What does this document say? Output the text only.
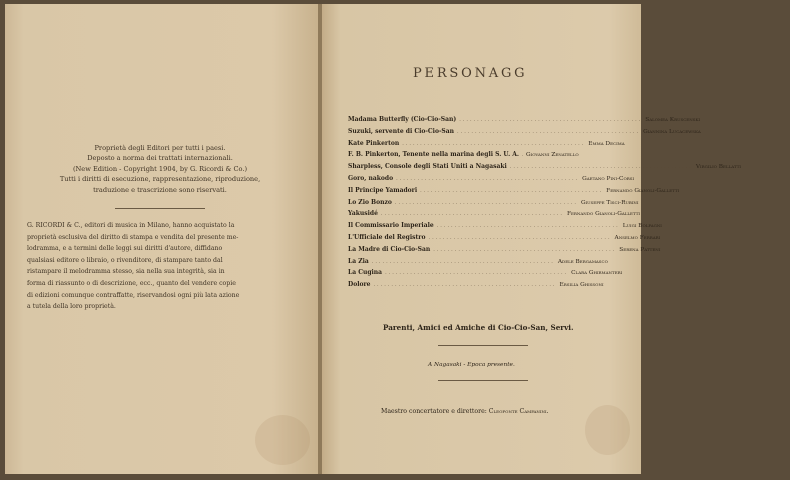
Proprietà degli Editori per tutti i paesi.
Deposto a norma dei trattati internazionali.
(New Edition - Copyright 1904, by G. Ricordi & Co.)
Tutti i diritti di esecuzione, rappresentazione, riproduzione,
traduzione e trascrizione sono riservati.
G. RICORDI & C., editori di musica in Milano, hanno acquistato la
proprietà esclusiva del diritto di stampa e vendita del presente me-
lodramma, e a termini delle leggi sui diritti d'autore, diffidano
qualsiasi editore o libraio, o rivenditore, di stampare tanto dal
ristampare il melodramma stesso, sia nella sua integrità, sia in
forma di riassunto o di descrizione, ecc., quanto del vendere copie
di edizioni comunque contraffatte, riservandosi ogni più lata azione
a tutela della loro proprietà.
PERSONAGG
Madama Butterfly (Cio-Cio-San) ................................................... Salomea Kruscenski
Suzuki, servente di Cio-Cio-San ................................................... Giannina Lucacewska
Kate Pinkerton ................................................... Emma Decima
F. B. Pinkerton, Tenente nella marina degli S. U. A. Giovanni Zenatello
Sharpless, Console degli Stati Uniti a Nagasaki ................................................... Virgilio Bellatti
Goro, nakodo ................................................... Gaetano Pini-Corsi
Il Principe Yamadori ................................................... Fernando Gianoli-Galletti
Lo Zio Bonzo ................................................... Giuseppe Tisci-Rubini
Yakusidé ................................................... Fernando Gianoli-Galletti
Il Commissario Imperiale ................................................... Luigi Bolpagni
L'Ufficiale del Registro ................................................... Anselmo Ferrari
La Madre di Cio-Cio-San ................................................... Serena Patteni
La Zia ................................................... Adele Bergamasco
La Cugina ................................................... Clara Ghirmanteri
Dolore ................................................... Ersilia Ghissoni
Parenti, Amici ed Amiche di Cio-Cio-San, Servi.
A Nagasaki - Epoca presente.
Maestro concertatore e direttore: Cleofonte Campanini.
